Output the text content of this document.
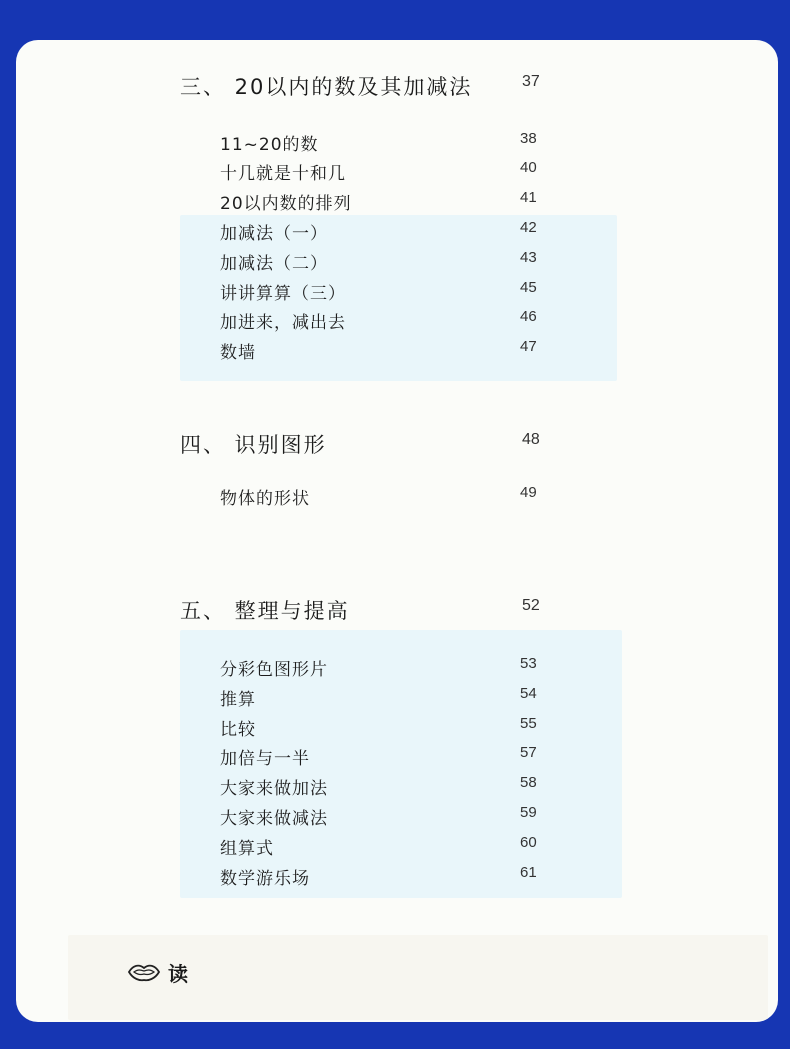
三、 20以内的数及其加减法	37
11~20的数	38
十几就是十和几	40
20以内数的排列	41
加减法（一）	42
加减法（二）	43
讲讲算算（三）	45
加进来，减出去	46
数墙	47
四、 识别图形	48
物体的形状	49
五、 整理与提高	52
分彩色图形片	53
推算	54
比较	55
加倍与一半	57
大家来做加法	58
大家来做减法	59
组算式	60
数学游乐场	61
读
